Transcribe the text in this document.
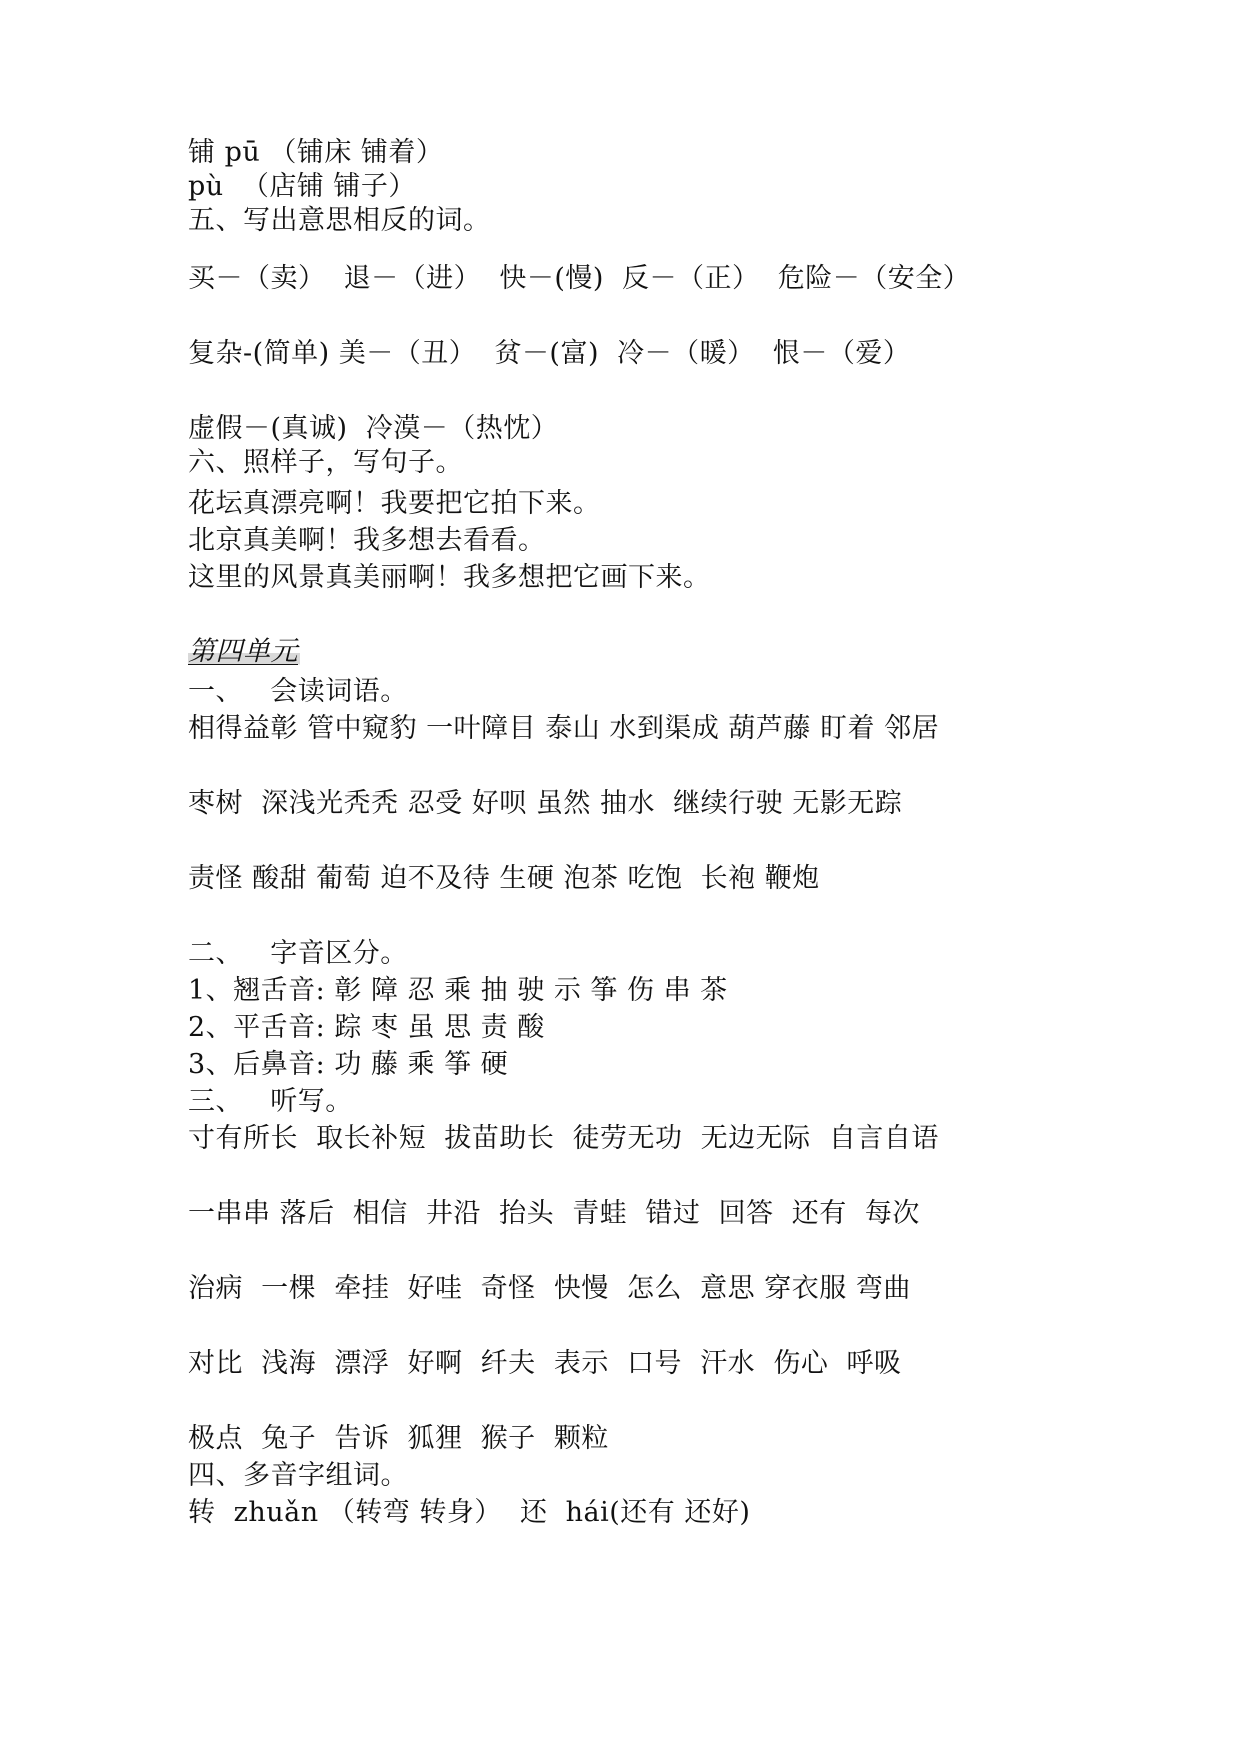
铺 pū （铺床 铺着）
pù  （店铺 铺子）
五、写出意思相反的词。
买－（卖）  退－（进）  快－(慢)  反－（正）  危险－（安全）
复杂-(简单) 美－（丑）  贫－(富)  冷－（暖）  恨－（爱）
虚假－(真诚)  冷漠－（热忱）
六、照样子，写句子。
花坛真漂亮啊！我要把它拍下来。
北京真美啊！我多想去看看。
这里的风景真美丽啊！我多想把它画下来。
第四单元
一、   会读词语。
相得益彰 管中窥豹 一叶障目 泰山 水到渠成 葫芦藤 盯着 邻居
枣树  深浅光秃秃 忍受 好呗 虽然 抽水  继续行驶 无影无踪
责怪 酸甜 葡萄 迫不及待 生硬 泡茶 吃饱  长袍 鞭炮
二、   字音区分。
1、翘舌音: 彰 障 忍 乘 抽 驶 示 筝 伤 串 茶
2、平舌音: 踪 枣 虽 思 责 酸
3、后鼻音: 功 藤 乘 筝 硬
三、   听写。
寸有所长  取长补短  拔苗助长  徒劳无功  无边无际  自言自语
一串串 落后  相信  井沿  抬头  青蛙  错过  回答  还有  每次
治病  一棵  牵挂  好哇  奇怪  快慢  怎么  意思 穿衣服 弯曲
对比  浅海  漂浮  好啊  纤夫  表示  口号  汗水  伤心  呼吸
极点  兔子  告诉  狐狸  猴子  颗粒
四、多音字组词。
转  zhuǎn （转弯 转身）  还  hái(还有 还好)
